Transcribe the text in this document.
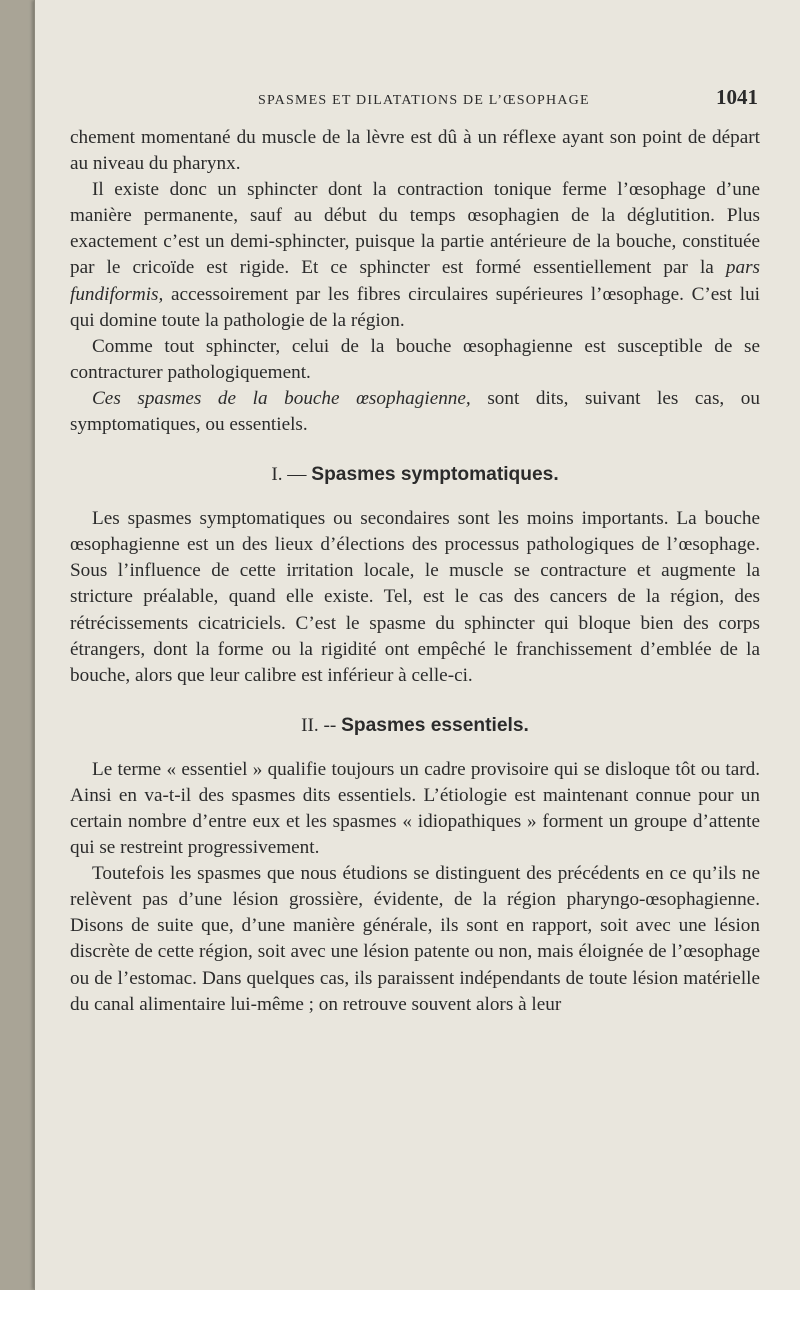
SPASMES ET DILATATIONS DE L’ŒSOPHAGE	1041

chement momentané du muscle de la lèvre est dû à un réflexe ayant son point de départ au niveau du pharynx.

Il existe donc un sphincter dont la contraction tonique ferme l’œsophage d’une manière permanente, sauf au début du temps œsophagien de la déglutition. Plus exactement c’est un demi-sphincter, puisque la partie antérieure de la bouche, constituée par le cricoïde est rigide. Et ce sphincter est formé essentiellement par la pars fundiformis, accessoirement par les fibres circulaires supérieures l’œsophage. C’est lui qui domine toute la pathologie de la région.

Comme tout sphincter, celui de la bouche œsophagienne est susceptible de se contracturer pathologiquement.

Ces spasmes de la bouche œsophagienne, sont dits, suivant les cas, ou symptomatiques, ou essentiels.

I. — Spasmes symptomatiques.

Les spasmes symptomatiques ou secondaires sont les moins importants. La bouche œsophagienne est un des lieux d’élections des processus pathologiques de l’œsophage. Sous l’influence de cette irritation locale, le muscle se contracture et augmente la stricture préalable, quand elle existe. Tel, est le cas des cancers de la région, des rétrécissements cicatriciels. C’est le spasme du sphincter qui bloque bien des corps étrangers, dont la forme ou la rigidité ont empêché le franchissement d’emblée de la bouche, alors que leur calibre est inférieur à celle-ci.

II. -- Spasmes essentiels.

Le terme « essentiel » qualifie toujours un cadre provisoire qui se disloque tôt ou tard. Ainsi en va-t-il des spasmes dits essentiels. L’étiologie est maintenant connue pour un certain nombre d’entre eux et les spasmes « idiopathiques » forment un groupe d’attente qui se restreint progressivement.

Toutefois les spasmes que nous étudions se distinguent des précédents en ce qu’ils ne relèvent pas d’une lésion grossière, évidente, de la région pharyngo-œsophagienne. Disons de suite que, d’une manière générale, ils sont en rapport, soit avec une lésion discrète de cette région, soit avec une lésion patente ou non, mais éloignée de l’œsophage ou de l’estomac. Dans quelques cas, ils paraissent indépendants de toute lésion matérielle du canal alimentaire lui-même ; on retrouve souvent alors à leur
